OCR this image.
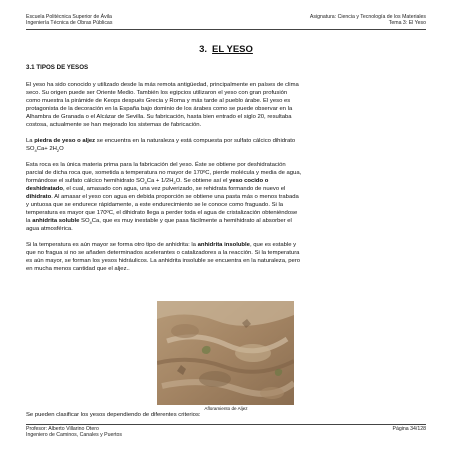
Escuela Politécnica Superior de Ávila
Ingeniería Técnica de Obras Públicas
Asignatura: Ciencia y Tecnología de los Materiales
Tema 3: El Yeso
3. EL YESO
3.1 TIPOS DE YESOS

El yeso ha sido conocido y utilizado desde la más remota antigüedad, principalmente en países de clima
seco. Su origen puede ser Oriente Medio. También los egipcios utilizaron el yeso con gran profusión
como muestra la pirámide de Keops después Grecia y Roma y más tarde al pueblo árabe. El yeso es
protagonista de la decoración en la España bajo dominio de los árabes como se puede observar en la
Alhambra de Granada o el Alcázar de Sevilla. Su fabricación, hasta bien entrado el siglo 20, resultaba
costosa, actualmente se han mejorado los sistemas de fabricación.

La piedra de yeso o aljez se encuentra en la naturaleza y está compuesta por sulfato cálcico dihidrato
$SO_4Ca+ 2H_2O$

Esta roca es la única materia prima para la fabricación del yeso. Éste se obtiene por deshidratación
parcial de dicha roca que, sometida a temperatura no mayor de 170ºC, pierde molécula y media de agua,
formándose el sulfato cálcico hemihidrato $SO_4Ca + 1/2H_2O$. Se obtiene así el yeso cocido o
deshidratado, el cual, amasado con agua, una vez pulverizado, se rehidrata formando de nuevo el
dihidrato. Al amasar el yeso con agua en debida proporción se obtiene una pasta más o menos trabada
y untuosa que se endurece rápidamente, a este endurecimiento se le conoce como fraguado. Si la
temperatura es mayor que 170ºC, el dihidrato llega a perder toda el agua de cristalización obteniéndose
la anhidrita soluble $SO_4Ca$, que es muy inestable y que pasa fácilmente a hemihidrato al absorber el
agua atmosférica.

Si la temperatura es aún mayor se forma otro tipo de anhidrita: la anhidrita insoluble, que es estable y
que no fragua si no se añaden determinados acelerantes o catalizadores a la reacción. Si la temperatura
es aún mayor, se forman los yesos hidráulicos. La anhidrita insoluble se encuentra en la naturaleza, pero
en mucha menos cantidad que el aljez..

Afloramiento de Aljez
Se pueden clasificar los yesos dependiendo de diferentes criterios:
Profesor: Alberto Villarino Otero
Ingeniero de Caminos, Canales y Puertos
Página 34/128
